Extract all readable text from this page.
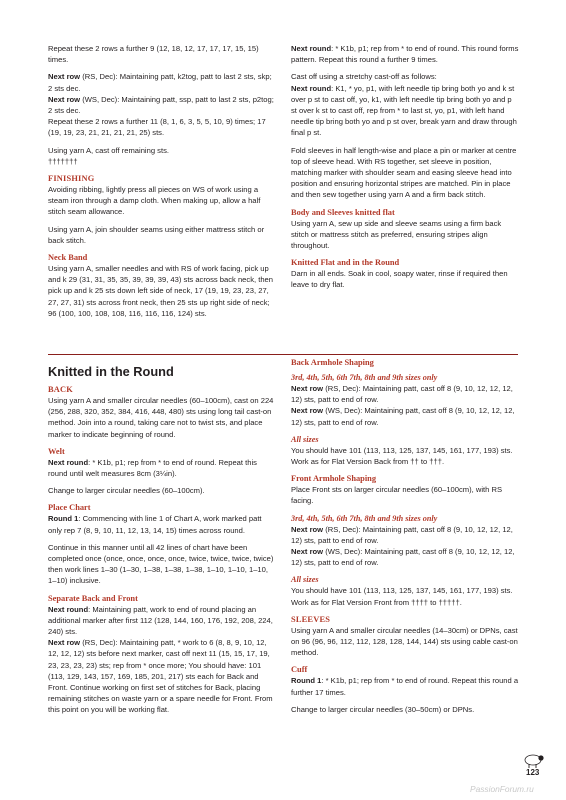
Repeat these 2 rows a further 9 (12, 18, 12, 17, 17, 17, 15, 15) times.

Next row (RS, Dec): Maintaining patt, k2tog, patt to last 2 sts, skp; 2 sts dec.

Next row (WS, Dec): Maintaining patt, ssp, patt to last 2 sts, p2tog; 2 sts dec.

Repeat these 2 rows a further 11 (8, 1, 6, 3, 5, 5, 10, 9) times; 17 (19, 19, 23, 21, 21, 21, 21, 25) sts.

Using yarn A, cast off remaining sts.

†††††††

FINISHING

Avoiding ribbing, lightly press all pieces on WS of work using a steam iron through a damp cloth. When making up, allow a half stitch seam allowance.

Using yarn A, join shoulder seams using either mattress stitch or back stitch.

Neck Band

Using yarn A, smaller needles and with RS of work facing, pick up and k 29 (31, 31, 35, 35, 39, 39, 39, 43) sts across back neck, then pick up and k 25 sts down left side of neck, 17 (19, 19, 23, 23, 27, 27, 27, 31) sts across front neck, then 25 sts up right side of neck; 96 (100, 100, 108, 108, 116, 116, 116, 124) sts.

Next round: * K1b, p1; rep from * to end of round. This round forms pattern. Repeat this round a further 9 times.

Cast off using a stretchy cast-off as follows:

Next round: K1, * yo, p1, with left needle tip bring both yo and k st over p st to cast off, yo, k1, with left needle tip bring both yo and p st over k st to cast off, rep from * to last st, yo, p1, with left hand needle tip bring both yo and p st over, break yarn and draw through final p st.

Fold sleeves in half length-wise and place a pin or marker at centre top of sleeve head. With RS together, set sleeve in position, matching marker with shoulder seam and easing sleeve head into position and ensuring horizontal stripes are matched. Pin in place and then sew together using yarn A and a firm back stitch.

Body and Sleeves knitted flat

Using yarn A, sew up side and sleeve seams using a firm back stitch or mattress stitch as preferred, ensuring stripes align throughout.

Knitted Flat and in the Round

Darn in all ends. Soak in cool, soapy water, rinse if required then leave to dry flat.

Knitted in the Round
BACK

Using yarn A and smaller circular needles (60–100cm), cast on 224 (256, 288, 320, 352, 384, 416, 448, 480) sts using long tail cast-on method. Join into a round, taking care not to twist sts, and place marker to indicate beginning of round.

Welt

Next round: * K1b, p1; rep from * to end of round. Repeat this round until welt measures 8cm (3¼in).

Change to larger circular needles (60–100cm).

Place Chart

Round 1: Commencing with line 1 of Chart A, work marked patt only rep 7 (8, 9, 10, 11, 12, 13, 14, 15) times across round.

Continue in this manner until all 42 lines of chart have been completed once (once, once, once, once, twice, twice, twice, twice) then work lines 1–30 (1–30, 1–38, 1–38, 1–38, 1–10, 1–10, 1–10, 1–10) inclusive.

Separate Back and Front

Next round: Maintaining patt, work to end of round placing an additional marker after first 112 (128, 144, 160, 176, 192, 208, 224, 240) sts.

Next row (RS, Dec): Maintaining patt, * work to 6 (8, 8, 9, 10, 12, 12, 12, 12) sts before next marker, cast off next 11 (15, 15, 17, 19, 23, 23, 23, 23) sts; rep from * once more; You should have: 101 (113, 129, 143, 157, 169, 185, 201, 217) sts each for Back and Front. Continue working on first set of stitches for Back, placing remaining stitches on waste yarn or a spare needle for Front. From this point on you will be working flat.

Back Armhole Shaping
3rd, 4th, 5th, 6th 7th, 8th and 9th sizes only

Next row (RS, Dec): Maintaining patt, cast off 8 (9, 10, 12, 12, 12, 12) sts, patt to end of row.

Next row (WS, Dec): Maintaining patt, cast off 8 (9, 10, 12, 12, 12, 12) sts, patt to end of row.

All sizes

You should have 101 (113, 113, 125, 137, 145, 161, 177, 193) sts. Work as for Flat Version Back from †† to †††.

Front Armhole Shaping

Place Front sts on larger circular needles (60–100cm), with RS facing.

3rd, 4th, 5th, 6th 7th, 8th and 9th sizes only

Next row (RS, Dec): Maintaining patt, cast off 8 (9, 10, 12, 12, 12, 12) sts, patt to end of row.

Next row (WS, Dec): Maintaining patt, cast off 8 (9, 10, 12, 12, 12, 12) sts, patt to end of row.

All sizes

You should have 101 (113, 113, 125, 137, 145, 161, 177, 193) sts. Work as for Flat Version Front from †††† to †††††.

SLEEVES

Using yarn A and smaller circular needles (14–30cm) or DPNs, cast on 96 (96, 96, 112, 112, 128, 128, 144, 144) sts using cable cast-on method.

Cuff

Round 1: * K1b, p1; rep from * to end of round. Repeat this round a further 17 times.

Change to larger circular needles (30–50cm) or DPNs.

123
PassionForum.ru
